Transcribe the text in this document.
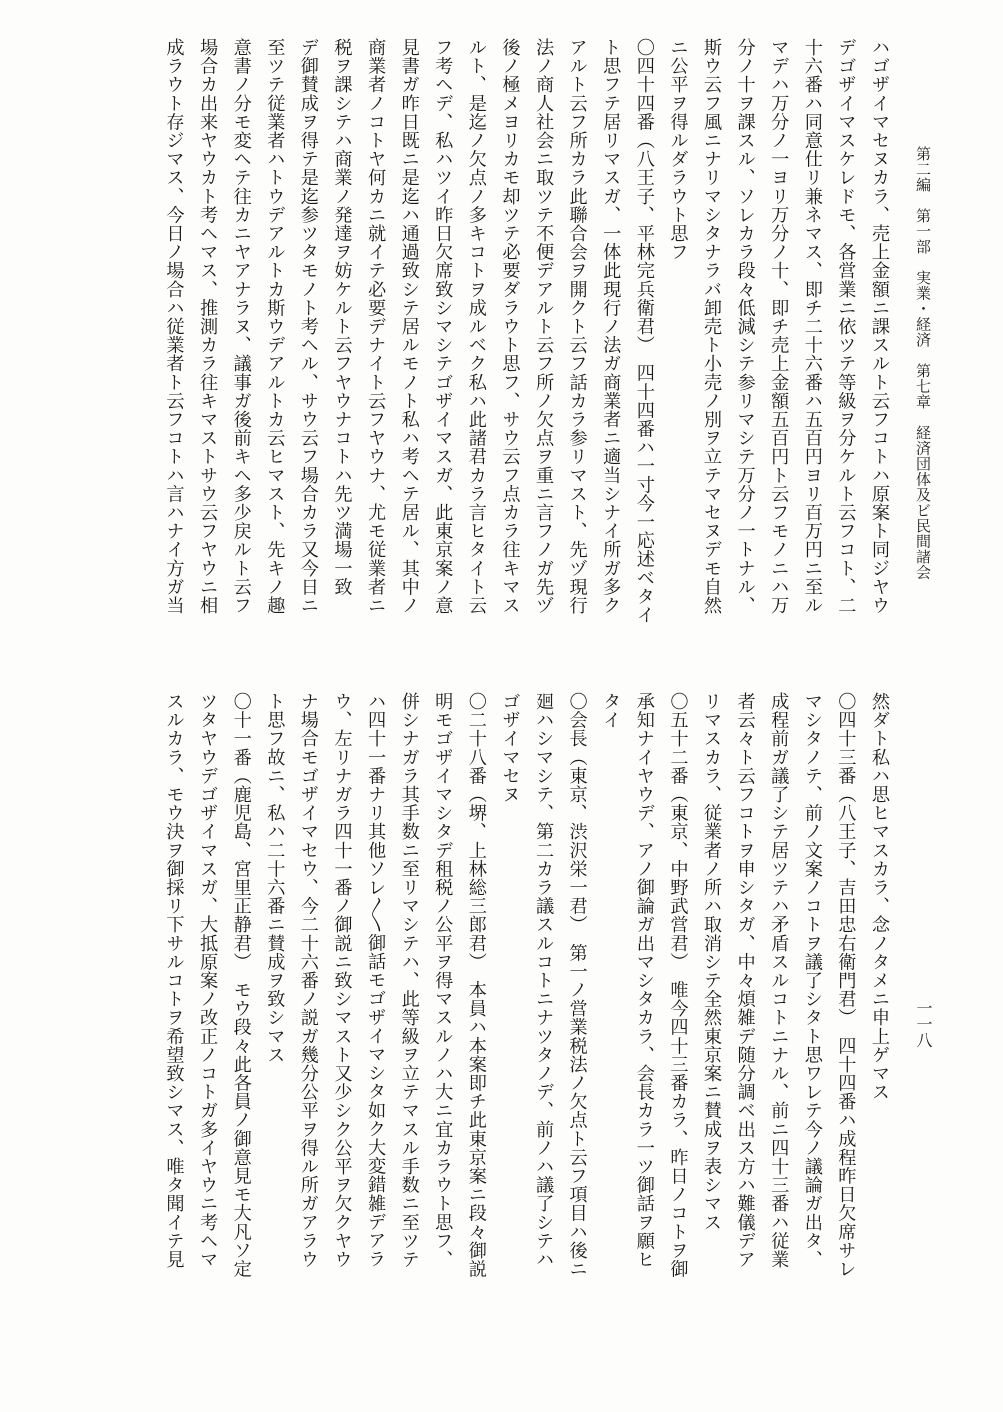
第二編　第一部　実業・経済　第七章　経済団体及ビ民間諸会
一一八
ハゴザイマセヌカラ、売上金額ニ課スルト云フコトハ原案ト同ジヤウ
デゴザイマスケレドモ、各営業ニ依ツテ等級ヲ分ケルト云フコト、二
十六番ハ同意仕リ兼ネマス、即チ二十六番ハ五百円ヨリ百万円ニ至ル
マデハ万分ノ一ヨリ万分ノ十、即チ売上金額五百円ト云フモノニハ万
分ノ十ヲ課スル、ソレカラ段々低減シテ参リマシテ万分ノ一トナル、
斯ウ云フ風ニナリマシタナラバ卸売ト小売ノ別ヲ立テマセヌデモ自然
ニ公平ヲ得ルダラウト思フ
〇四十四番（八王子、平林完兵衛君）　四十四番ハ一寸今一応述ベタイ
ト思フテ居リマスガ、一体此現行ノ法ガ商業者ニ適当シナイ所ガ多ク
アルト云フ所カラ此聯合会ヲ開クト云フ話カラ参リマスト、先ヅ現行
法ノ商人社会ニ取ツテ不便デアルト云フ所ノ欠点ヲ重ニ言フノガ先ヅ
後ノ極メヨリカモ却ツテ必要ダラウト思フ、サウ云フ点カラ往キマス
ルト、是迄ノ欠点ノ多キコトヲ成ルベク私ハ此諸君カラ言ヒタイト云
フ考ヘデ、私ハツイ昨日欠席致シマシテゴザイマスガ、此東京案ノ意
見書ガ昨日既ニ是迄ハ通過致シテ居ルモノト私ハ考ヘテ居ル、其中ノ
商業者ノコトヤ何カニ就イテ必要デナイト云フヤウナ、尤モ従業者ニ
税ヲ課シテハ商業ノ発達ヲ妨ケルト云フヤウナコトハ先ツ満場一致
デ御賛成ヲ得テ是迄参ツタモノト考ヘル、サウ云フ場合カラ又今日ニ
至ツテ従業者ハトウデアルトカ斯ウデアルトカ云ヒマスト、先キノ趣
意書ノ分モ変ヘテ往カニヤアナラヌ、議事ガ後前キヘ多少戻ルト云フ
場合カ出来ヤウカト考ヘマス、推測カラ往キマストサウ云フヤウニ相
成ラウト存ジマス、今日ノ場合ハ従業者ト云フコトハ言ハナイ方ガ当
然ダト私ハ思ヒマスカラ、念ノタメニ申上ゲマス
〇四十三番（八王子、吉田忠右衛門君）　四十四番ハ成程昨日欠席サレ
マシタノテ、前ノ文案ノコトヲ議了シタト思ワレテ今ノ議論ガ出タ、
成程前ガ議了シテ居ツテハ矛盾スルコトニナル、前ニ四十三番ハ従業
者云々ト云フコトヲ申シタガ、中々煩雑デ随分調ベ出ス方ハ難儀デア
リマスカラ、従業者ノ所ハ取消シテ全然東京案ニ賛成ヲ表シマス
〇五十二番（東京、中野武営君）　唯今四十三番カラ、昨日ノコトヲ御
承知ナイヤウデ、アノ御論ガ出マシタカラ、会長カラ一ツ御話ヲ願ヒ
タイ
〇会長（東京、渋沢栄一君）　第一ノ営業税法ノ欠点ト云フ項目ハ後ニ
廻ハシマシテ、第二カラ議スルコトニナツタノデ、前ノハ議了シテハ
ゴザイマセヌ
〇二十八番（堺、上林総三郎君）　本員ハ本案即チ此東京案ニ段々御説
明モゴザイマシタデ租税ノ公平ヲ得マスルノハ大ニ宜カラウト思フ、
併シナガラ其手数ニ至リマシテハ、此等級ヲ立テマスル手数ニ至ツテ
ハ四十一番ナリ其他ソレ〳〵御話モゴザイマシタ如ク大変錯雑デアラ
ウ、左リナガラ四十一番ノ御説ニ致シマスト又少シク公平ヲ欠クヤウ
ナ場合モゴザイマセウ、今二十六番ノ説ガ幾分公平ヲ得ル所ガアラウ
ト思フ故ニ、私ハ二十六番ニ賛成ヲ致シマス
〇十一番（鹿児島、宮里正静君）　モウ段々此各員ノ御意見モ大凡ソ定
ツタヤウデゴザイマスガ、大抵原案ノ改正ノコトガ多イヤウニ考ヘマ
スルカラ、モウ決ヲ御採リ下サルコトヲ希望致シマス、唯タ聞イテ見
